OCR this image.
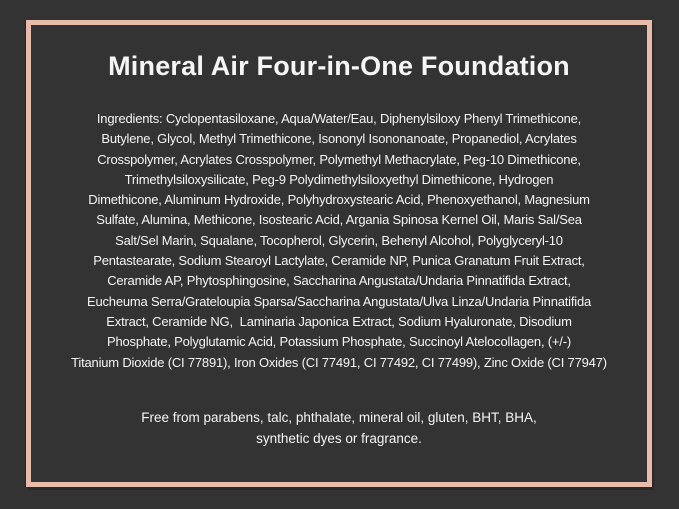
Mineral Air Four-in-One Foundation
Ingredients: Cyclopentasiloxane, Aqua/Water/Eau, Diphenylsiloxy Phenyl Trimethicone,
Butylene, Glycol, Methyl Trimethicone, Isononyl Isononanoate, Propanediol, Acrylates
Crosspolymer, Acrylates Crosspolymer, Polymethyl Methacrylate, Peg-10 Dimethicone,
Trimethylsiloxysilicate, Peg-9 Polydimethylsiloxyethyl Dimethicone, Hydrogen
Dimethicone, Aluminum Hydroxide, Polyhydroxystearic Acid, Phenoxyethanol, Magnesium
Sulfate, Alumina, Methicone, Isostearic Acid, Argania Spinosa Kernel Oil, Maris Sal/Sea
Salt/Sel Marin, Squalane, Tocopherol, Glycerin, Behenyl Alcohol, Polyglyceryl-10
Pentastearate, Sodium Stearoyl Lactylate, Ceramide NP, Punica Granatum Fruit Extract,
Ceramide AP, Phytosphingosine, Saccharina Angustata/Undaria Pinnatifida Extract,
Eucheuma Serra/Grateloupia Sparsa/Saccharina Angustata/Ulva Linza/Undaria Pinnatifida
Extract, Ceramide NG,  Laminaria Japonica Extract, Sodium Hyaluronate, Disodium
Phosphate, Polyglutamic Acid, Potassium Phosphate, Succinoyl Atelocollagen, (+/-)
Titanium Dioxide (CI 77891), Iron Oxides (CI 77491, CI 77492, CI 77499), Zinc Oxide (CI 77947)
Free from parabens, talc, phthalate, mineral oil, gluten, BHT, BHA,
synthetic dyes or fragrance.
